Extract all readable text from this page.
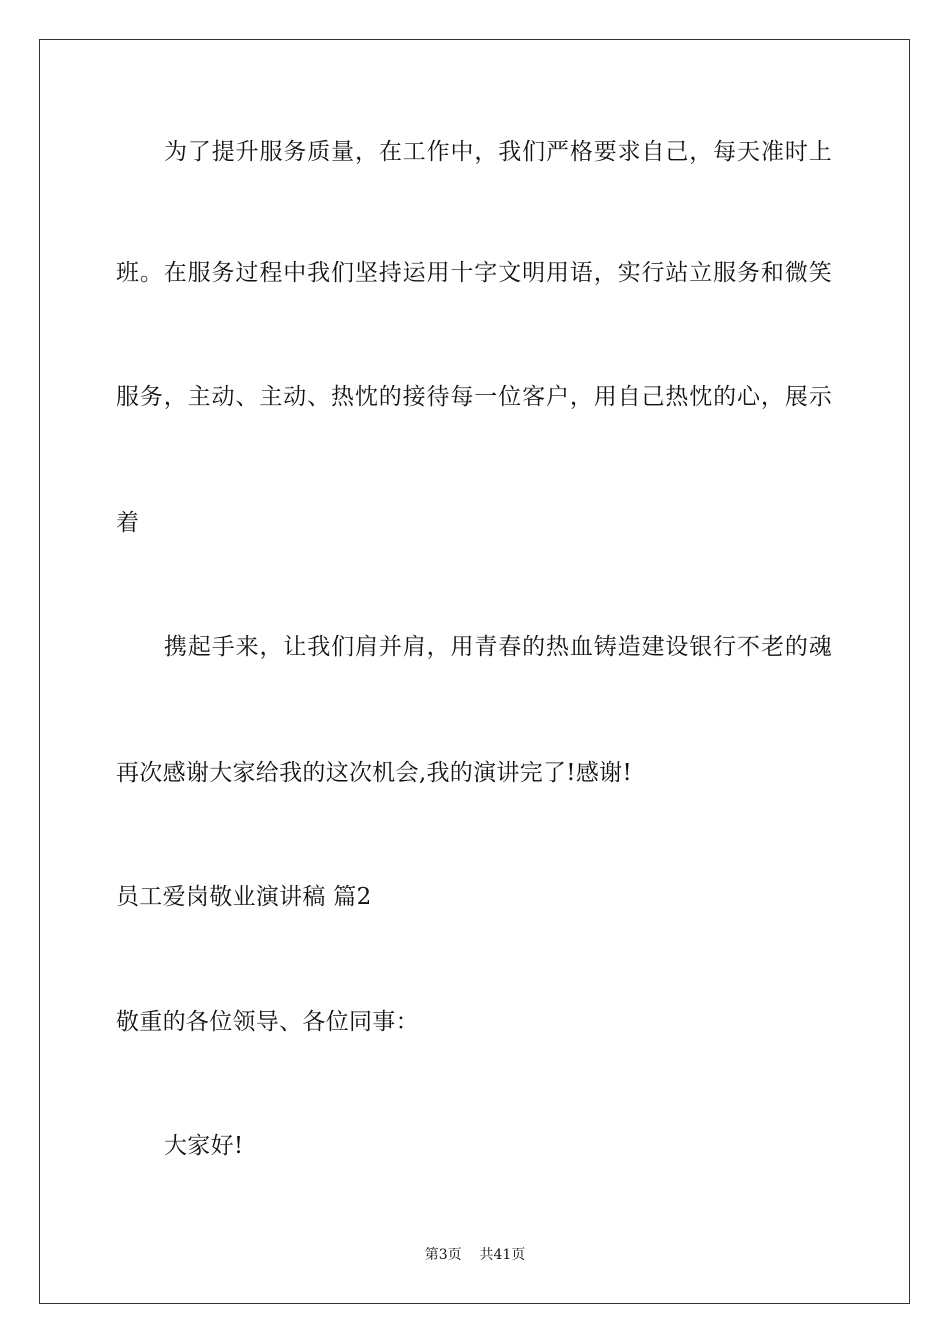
为了提升服务质量，在工作中，我们严格要求自己，每天准时上
班。在服务过程中我们坚持运用十字文明用语，实行站立服务和微笑
服务，主动、主动、热忱的接待每一位客户，用自己热忱的心，展示
着
携起手来，让我们肩并肩，用青春的热血铸造建设银行不老的魂
再次感谢大家给我的这次机会,我的演讲完了!感谢!
员工爱岗敬业演讲稿 篇2
敬重的各位领导、各位同事：
大家好!
第3页    共41页
